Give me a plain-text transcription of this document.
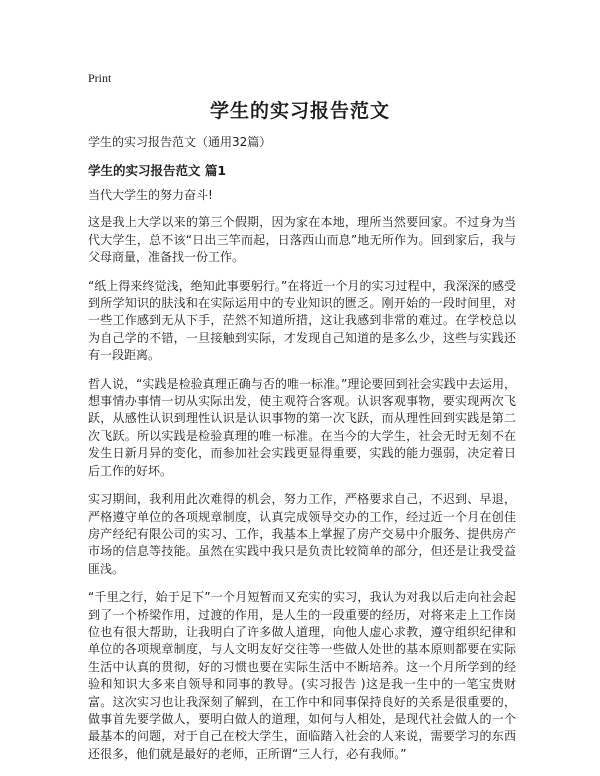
Print
学生的实习报告范文

学生的实习报告范文（通用32篇）

学生的实习报告范文 篇1

当代大学生的努力奋斗!

这是我上大学以来的第三个假期，因为家在本地，理所当然要回家。不过身为当代大学生，总不该“日出三竿而起，日落西山而息”地无所作为。回到家后，我与父母商量，准备找一份工作。

“纸上得来终觉浅，绝知此事要躬行。”在将近一个月的实习过程中，我深深的感受到所学知识的肤浅和在实际运用中的专业知识的匮乏。刚开始的一段时间里，对一些工作感到无从下手，茫然不知道所措，这让我感到非常的难过。在学校总以为自己学的不错，一旦接触到实际，才发现自己知道的是多么少，这些与实践还有一段距离。

哲人说，“实践是检验真理正确与否的唯一标准。”理论要回到社会实践中去运用，想事情办事情一切从实际出发，使主观符合客观。认识客观事物，要实现两次飞跃，从感性认识到理性认识是认识事物的第一次飞跃，而从理性回到实践是第二次飞跃。所以实践是检验真理的唯一标准。在当今的大学生，社会无时无刻不在发生日新月异的变化，而参加社会实践更显得重要，实践的能力强弱，决定着日后工作的好坏。

实习期间，我利用此次难得的机会，努力工作，严格要求自己，不迟到、早退，严格遵守单位的各项规章制度，认真完成领导交办的工作，经过近一个月在创佳房产经纪有限公司的实习、工作，我基本上掌握了房产交易中介服务、提供房产市场的信息等技能。虽然在实践中我只是负责比较简单的部分，但还是让我受益匪浅。

“千里之行，始于足下”一个月短暂而又充实的实习，我认为对我以后走向社会起到了一个桥梁作用，过渡的作用，是人生的一段重要的经历，对将来走上工作岗位也有很大帮助，让我明白了许多做人道理，向他人虚心求教，遵守组织纪律和单位的各项规章制度，与人文明友好交往等一些做人处世的基本原则都要在实际生活中认真的贯彻，好的习惯也要在实际生活中不断培养。这一个月所学到的经验和知识大多来自领导和同事的教导。(实习报告 )这是我一生中的一笔宝贵财富。这次实习也让我深刻了解到，在工作中和同事保持良好的关系是很重要的，做事首先要学做人，要明白做人的道理，如何与人相处，是现代社会做人的一个最基本的问题，对于自己在校大学生，面临踏入社会的人来说，需要学习的东西还很多，他们就是最好的老师，正所谓“三人行，必有我师。”
